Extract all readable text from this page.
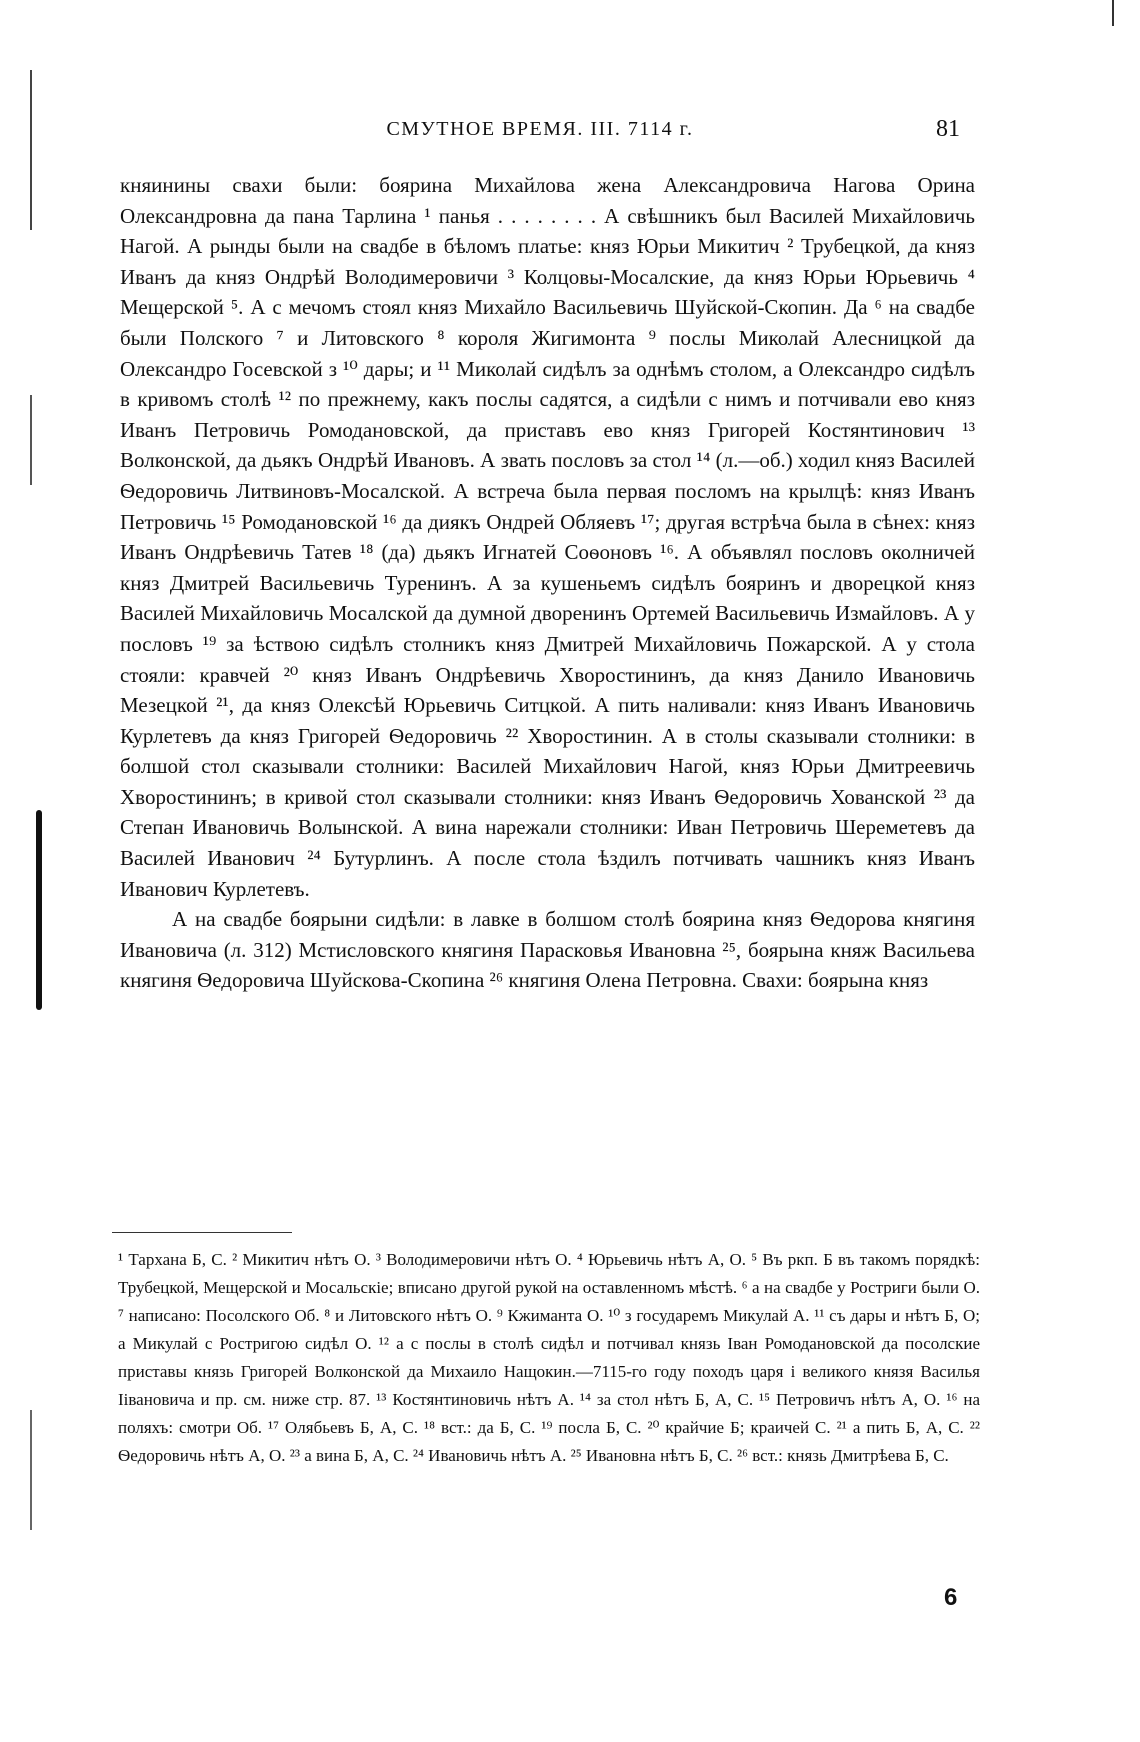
СМУТНОЕ ВРЕМЯ. III. 7114 г.	81

княинины свахи были: боярина Михайлова жена Александровича Нагова Орина Олександровна да пана Тарлина ¹ панья . . . . . . . . А свѣшникъ был Василей Михайловичь Нагой. А рынды были на свадбе в бѣломъ платье: княз Юрьи Микитич ² Трубецкой, да княз Иванъ да княз Ондрѣй Володимеровичи ³ Колцовы-Мосалские, да княз Юрьи Юрьевичь ⁴ Мещерской ⁵. А с мечомъ стоял княз Михайло Васильевичь Шуйской-Скопин. Да ⁶ на свадбе были Полского ⁷ и Литовского ⁸ короля Жигимонта ⁹ послы Миколай Алесницкой да Олександро Госевской з ¹⁰ дары; и ¹¹ Миколай сидѣлъ за однѣмъ столом, а Олександро сидѣлъ в кривомъ столѣ ¹² по прежнему, какъ послы садятся, а сидѣли с нимъ и потчивали ево княз Иванъ Петровичь Ромодановской, да приставъ ево княз Григорей Костянтинович ¹³ Волконской, да дьякъ Ондрѣй Ивановъ. А звать пословъ за стол ¹⁴ (л.—об.) ходил княз Василей Ѳедоровичь Литвиновъ-Мосалской. А встреча была первая посломъ на крылцѣ: княз Иванъ Петровичь ¹⁵ Ромодановской ¹⁶ да диякъ Ондрей Обляевъ ¹⁷; другая встрѣча была в сѣнех: княз Иванъ Ондрѣевичь Татев ¹⁸ (да) дьякъ Игнатей Соѳоновъ ¹⁶. А объявлял пословъ околничей княз Дмитрей Васильевичь Туренинъ. А за кушеньемъ сидѣлъ бояринъ и дворецкой княз Василей Михайловичь Мосалской да думной дворенинъ Ортемей Васильевичь Измайловъ. А у пословъ ¹⁹ за ѣствою сидѣлъ столникъ княз Дмитрей Михайловичь Пожарской. А у стола стояли: кравчей ²⁰ княз Иванъ Ондрѣевичь Хворостининъ, да княз Данило Ивановичь Мезецкой ²¹, да княз Олексѣй Юрьевичь Ситцкой. А пить наливали: княз Иванъ Ивановичь Курлетевъ да княз Григорей Ѳедоровичь ²² Хворостинин. А в столы сказывали столники: в болшой стол сказывали столники: Василей Михайлович Нагой, княз Юрьи Дмитреевичь Хворостининъ; в кривой стол сказывали столники: княз Иванъ Ѳедоровичь Хованской ²³ да Степан Ивановичь Волынской. А вина нарежали столники: Иван Петровичь Шереметевъ да Василей Иванович ²⁴ Бутурлинъ. А после стола ѣздилъ потчивать чашникъ княз Иванъ Иванович Курлетевъ.

А на свадбе боярыни сидѣли: в лавке в болшом столѣ боярина княз Ѳедорова княгиня Ивановича (л. 312) Мстисловского княгиня Парасковья Ивановна ²⁵, боярына княж Васильева княгиня Ѳедоровича Шуйскова-Скопина ²⁶ княгиня Олена Петровна. Свахи: боярына княз

¹ Тархана Б, С. ² Микитич нѣтъ О. ³ Володимеровичи нѣтъ О. ⁴ Юрьевичь нѣтъ А, О. ⁵ Въ ркп. Б въ такомъ порядкѣ: Трубецкой, Мещерской и Мосальскіе; вписано другой рукой на оставленномъ мѣстѣ. ⁶ а на свадбе у Ростриги были О. ⁷ написано: Посолского Об. ⁸ и Литовского нѣтъ О. ⁹ Кжиманта О. ¹⁰ з государемъ Микулай А. ¹¹ съ дары и нѣтъ Б, О; а Микулай с Ростригою сидѣл О. ¹² а с послы в столѣ сидѣл и потчивал князь Іван Ромодановской да посолские приставы князь Григорей Волконской да Михаило Нащокин.—7115-го году походъ царя і великого князя Василья Іівановича и пр. см. ниже стр. 87. ¹³ Костянтиновичь нѣтъ А. ¹⁴ за стол нѣтъ Б, А, С. ¹⁵ Петровичъ нѣтъ А, О. ¹⁶ на поляхъ: смотри Об. ¹⁷ Олябьевъ Б, А, С. ¹⁸ вст.: да Б, С. ¹⁹ посла Б, С. ²⁰ крайчие Б; краичей С. ²¹ а пить Б, А, С. ²² Ѳедоровичь нѣтъ А, О. ²³ а вина Б, А, С. ²⁴ Ивановичь нѣтъ А. ²⁵ Ивановна нѣтъ Б, С. ²⁶ вст.: князь Дмитрѣева Б, С.

6
